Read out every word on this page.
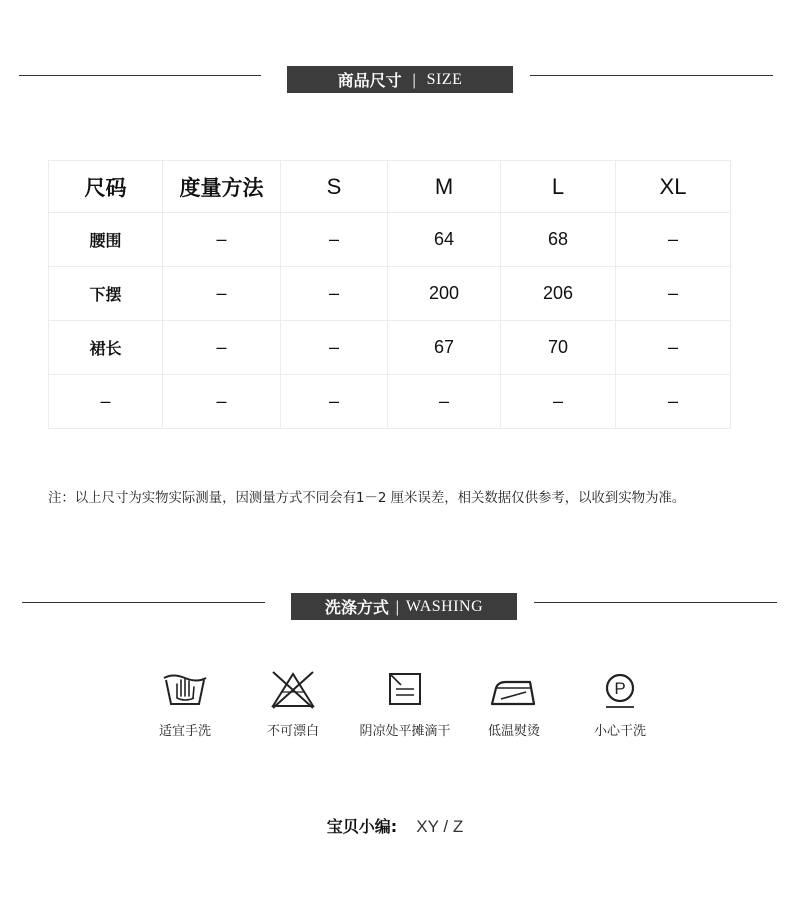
商品尺寸 | SIZE
尺码	度量方法	S	M	L	XL
腰围	–	–	64	68	–
下摆	–	–	200	206	–
裙长	–	–	67	70	–
–	–	–	–	–	–
注：以上尺寸为实物实际测量，因测量方式不同会有1－2 厘米误差，相关数据仅供参考，以收到实物为准。
洗涤方式 | WASHING
适宜手洗	不可漂白	阴凉处平摊滴干	低温熨烫
P
小心干洗
宝贝小编: XY / Z
